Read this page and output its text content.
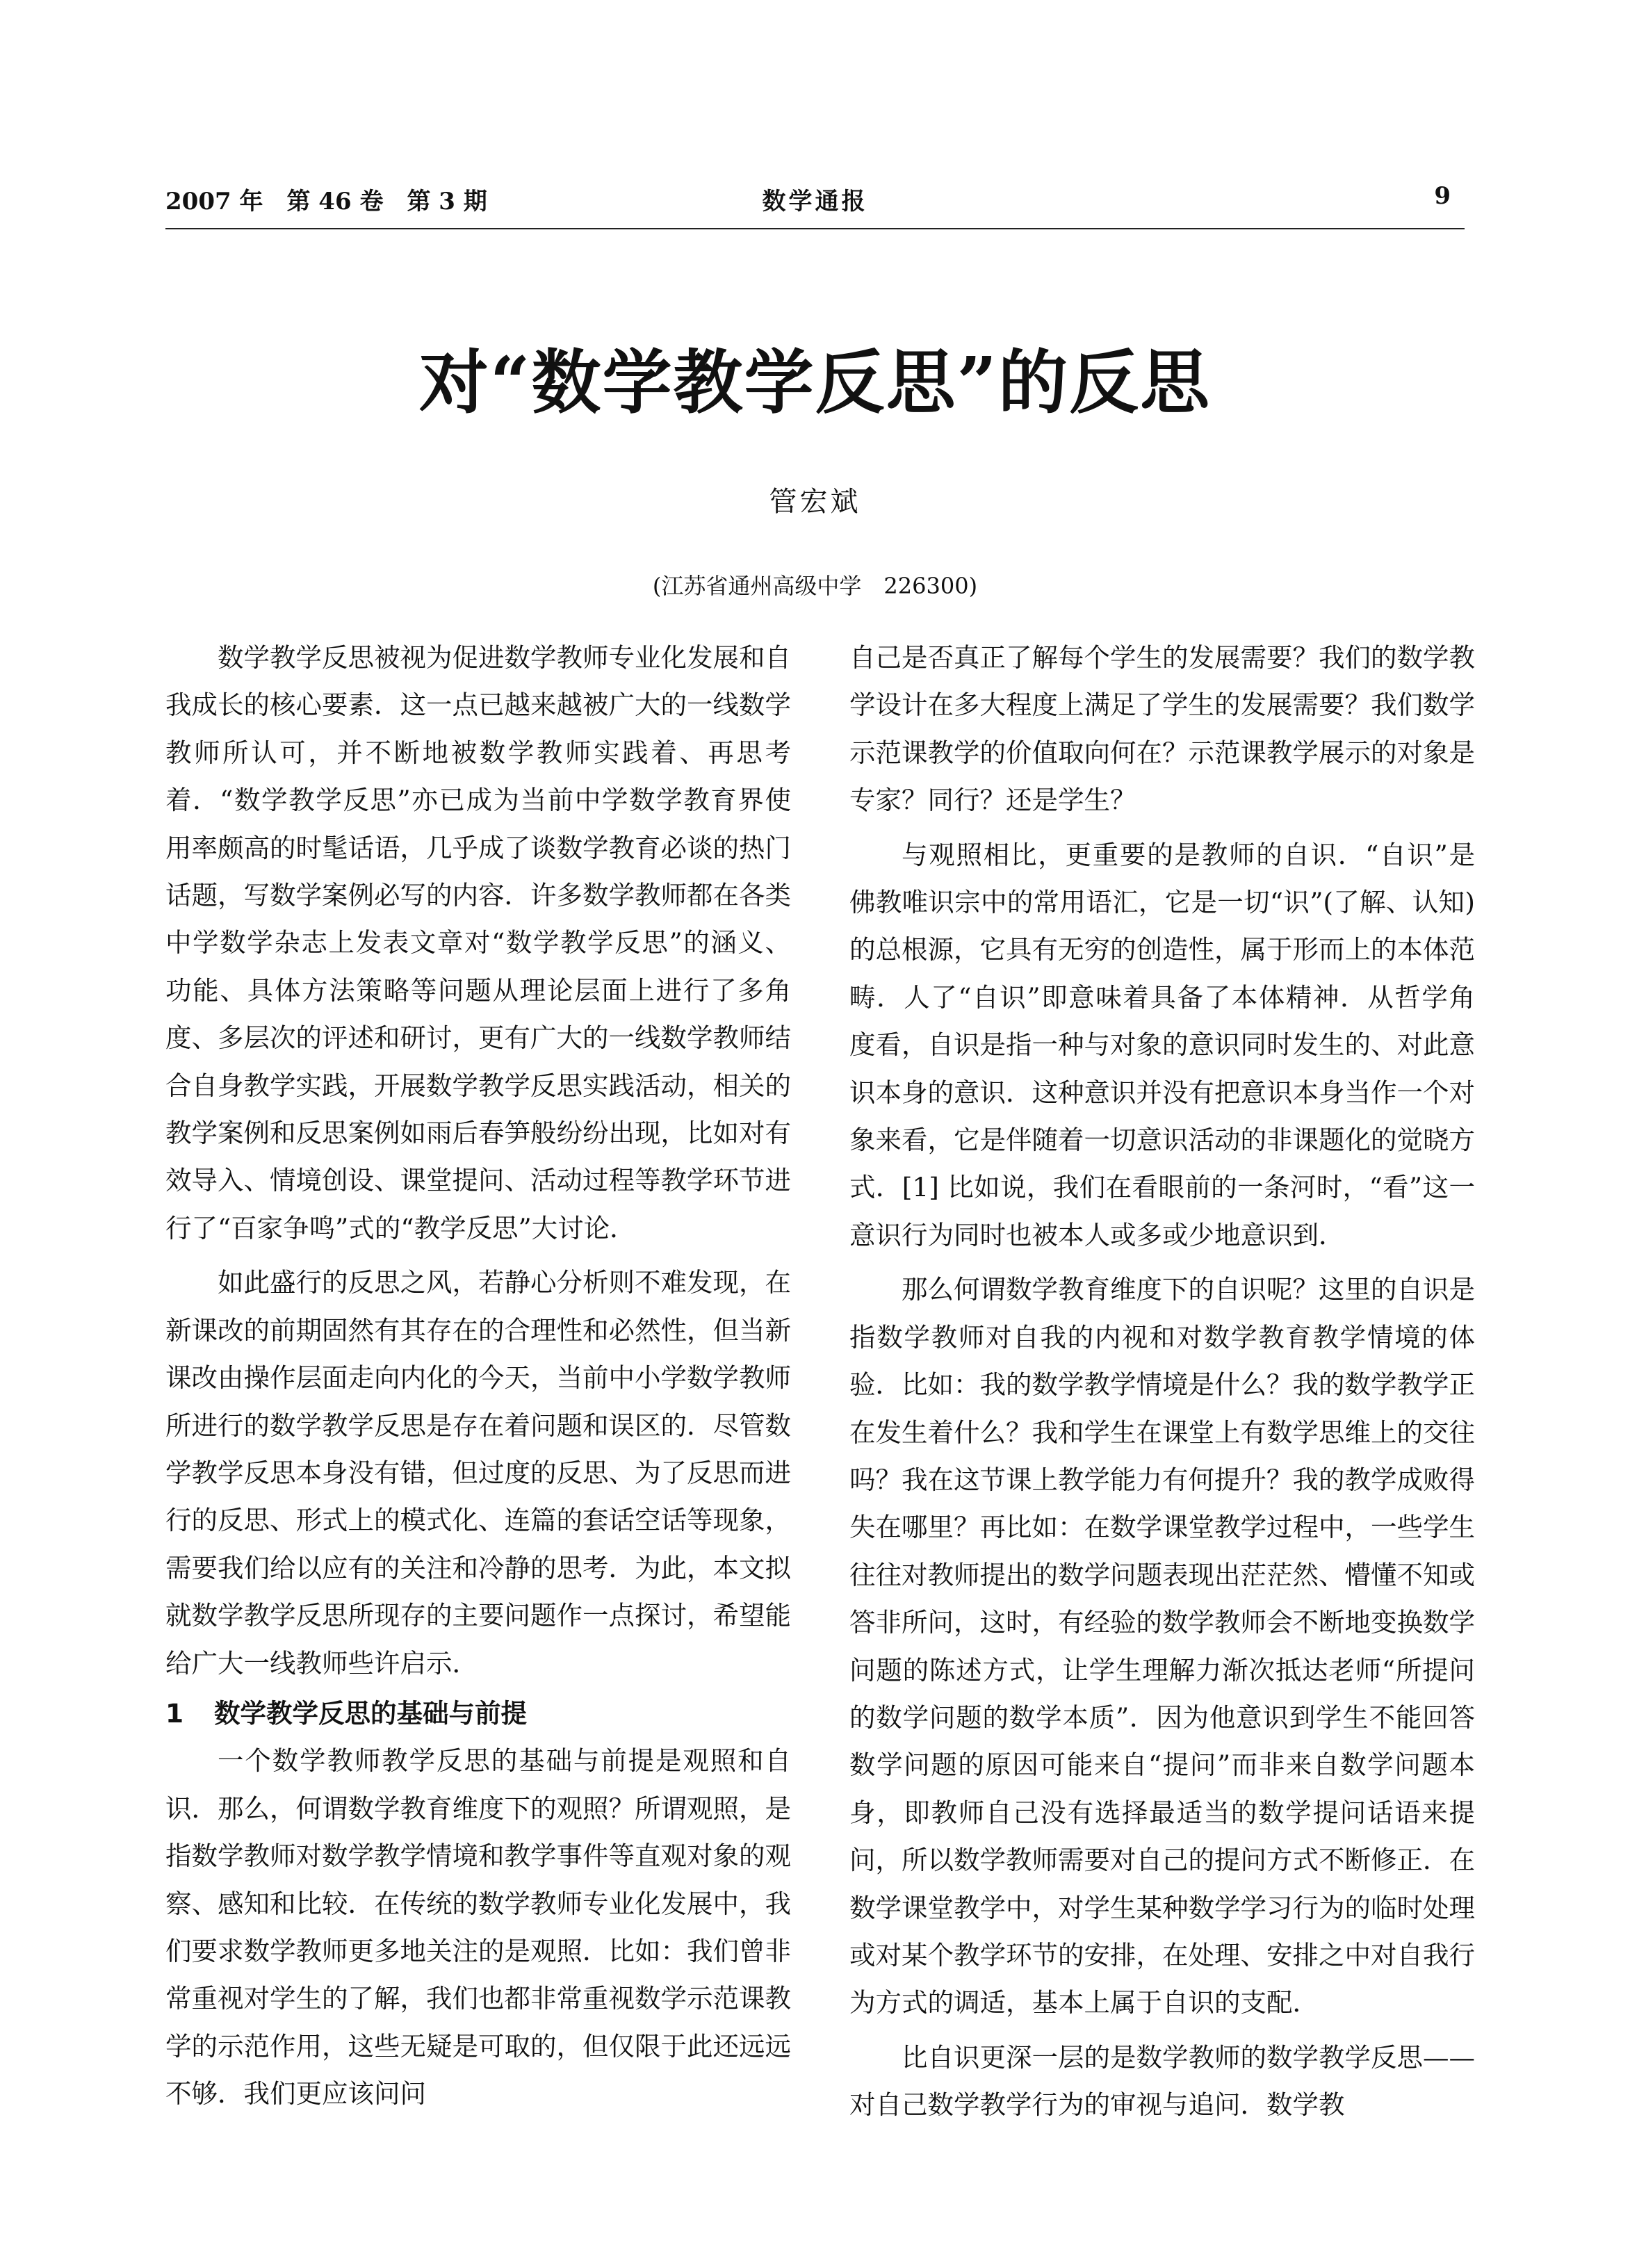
2007 年　第 46 卷　第 3 期	数学通报	9
对“数学教学反思”的反思
管宏斌
(江苏省通州高级中学　226300)

数学教学反思被视为促进数学教师专业化发展和自我成长的核心要素．这一点已越来越被广大的一线数学教师所认可，并不断地被数学教师实践着、再思考着．“数学教学反思”亦已成为当前中学数学教育界使用率颇高的时髦话语，几乎成了谈数学教育必谈的热门话题，写数学案例必写的内容．许多数学教师都在各类中学数学杂志上发表文章对“数学教学反思”的涵义、功能、具体方法策略等问题从理论层面上进行了多角度、多层次的评述和研讨，更有广大的一线数学教师结合自身教学实践，开展数学教学反思实践活动，相关的教学案例和反思案例如雨后春笋般纷纷出现，比如对有效导入、情境创设、课堂提问、活动过程等教学环节进行了“百家争鸣”式的“教学反思”大讨论．

如此盛行的反思之风，若静心分析则不难发现，在新课改的前期固然有其存在的合理性和必然性，但当新课改由操作层面走向内化的今天，当前中小学数学教师所进行的数学教学反思是存在着问题和误区的．尽管数学教学反思本身没有错，但过度的反思、为了反思而进行的反思、形式上的模式化、连篇的套话空话等现象，需要我们给以应有的关注和冷静的思考．为此，本文拟就数学教学反思所现存的主要问题作一点探讨，希望能给广大一线教师些许启示．

1 数学教学反思的基础与前提

一个数学教师教学反思的基础与前提是观照和自识．那么，何谓数学教育维度下的观照？所谓观照，是指数学教师对数学教学情境和教学事件等直观对象的观察、感知和比较．在传统的数学教师专业化发展中，我们要求数学教师更多地关注的是观照．比如：我们曾非常重视对学生的了解，我们也都非常重视数学示范课教学的示范作用，这些无疑是可取的，但仅限于此还远远不够．我们更应该问问

自己是否真正了解每个学生的发展需要？我们的数学教学设计在多大程度上满足了学生的发展需要？我们数学示范课教学的价值取向何在？示范课教学展示的对象是专家？同行？还是学生？

与观照相比，更重要的是教师的自识．“自识”是佛教唯识宗中的常用语汇，它是一切“识”(了解、认知)的总根源，它具有无穷的创造性，属于形而上的本体范畴．人了“自识”即意味着具备了本体精神．从哲学角度看，自识是指一种与对象的意识同时发生的、对此意识本身的意识．这种意识并没有把意识本身当作一个对象来看，它是伴随着一切意识活动的非课题化的觉晓方式．[1] 比如说，我们在看眼前的一条河时，“看”这一意识行为同时也被本人或多或少地意识到．

那么何谓数学教育维度下的自识呢？这里的自识是指数学教师对自我的内视和对数学教育教学情境的体验．比如：我的数学教学情境是什么？我的数学教学正在发生着什么？我和学生在课堂上有数学思维上的交往吗？我在这节课上教学能力有何提升？我的教学成败得失在哪里？再比如：在数学课堂教学过程中，一些学生往往对教师提出的数学问题表现出茫茫然、懵懂不知或答非所问，这时，有经验的数学教师会不断地变换数学问题的陈述方式，让学生理解力渐次抵达老师“所提问的数学问题的数学本质”．因为他意识到学生不能回答数学问题的原因可能来自“提问”而非来自数学问题本身，即教师自己没有选择最适当的数学提问话语来提问，所以数学教师需要对自己的提问方式不断修正．在数学课堂教学中，对学生某种数学学习行为的临时处理或对某个教学环节的安排，在处理、安排之中对自我行为方式的调适，基本上属于自识的支配．

比自识更深一层的是数学教师的数学教学反思——对自己数学教学行为的审视与追问．数学教
